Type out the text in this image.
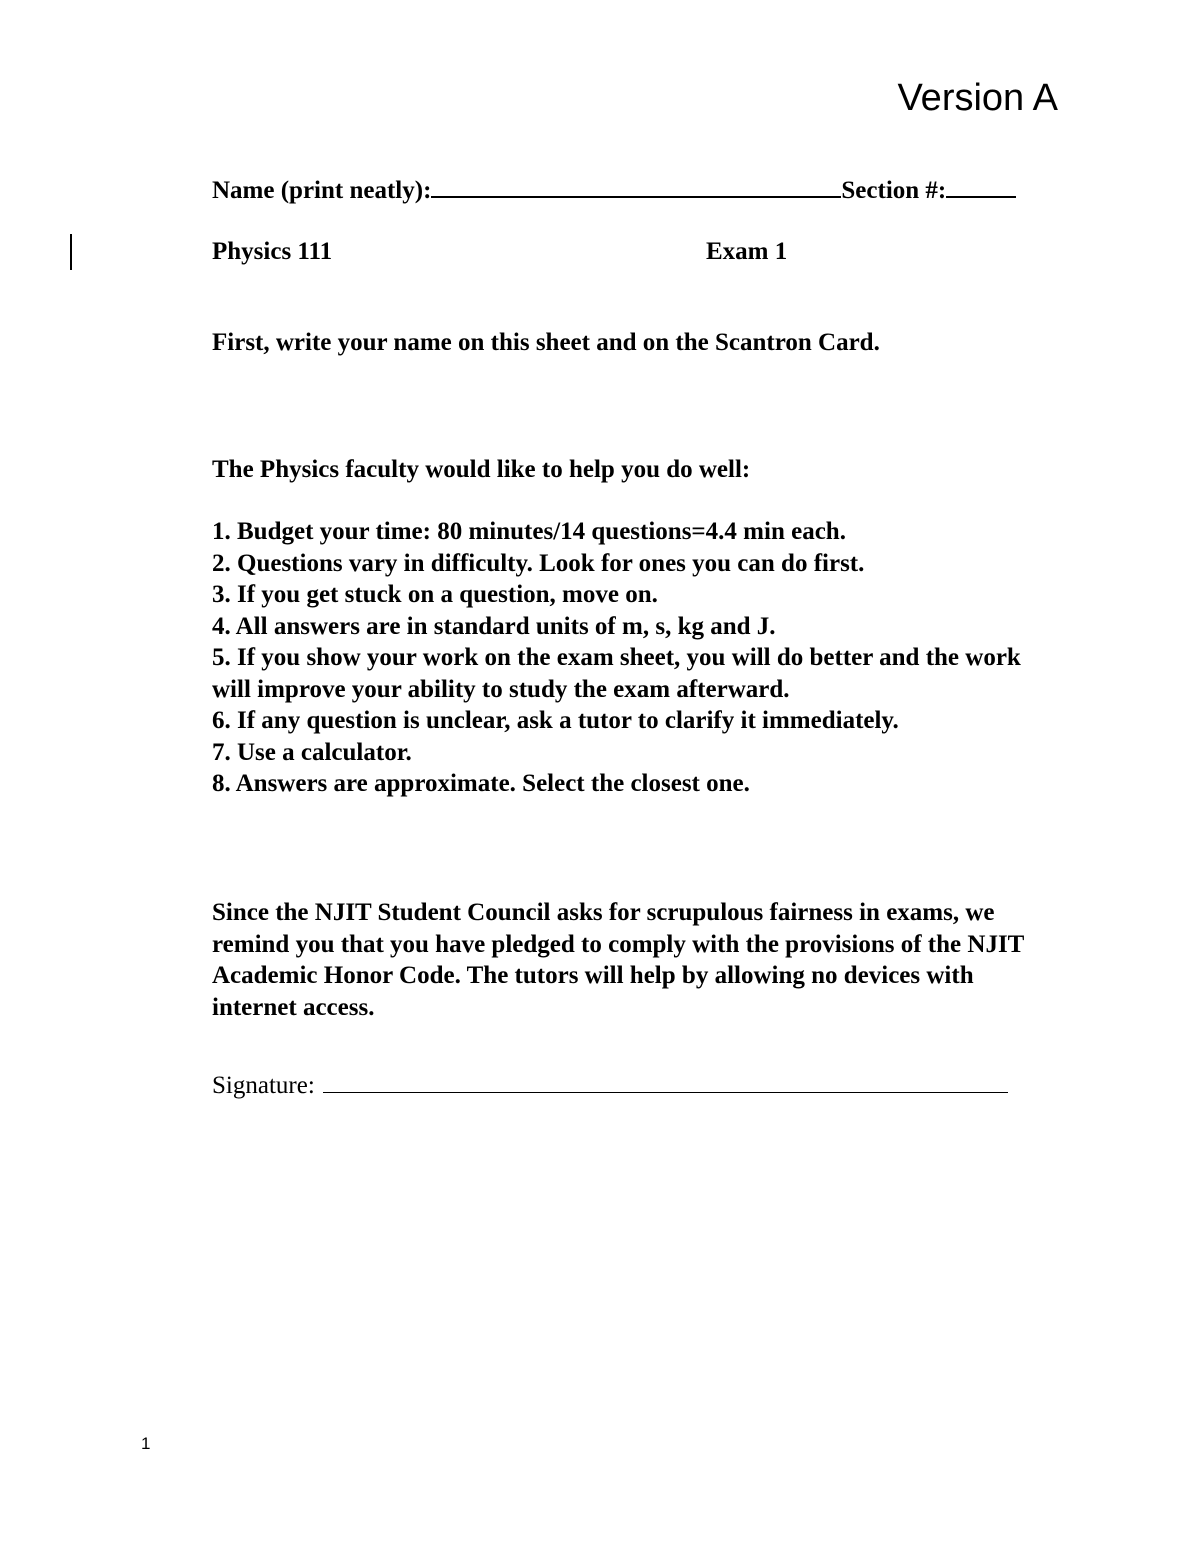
Version A
Name (print neatly):	Section #:
Physics 111	Exam 1
First, write your name on this sheet and on the Scantron Card.
The Physics faculty would like to help you do well:
1. Budget your time: 80 minutes/14 questions=4.4 min each.
2. Questions vary in difficulty. Look for ones you can do first.
3. If you get stuck on a question, move on.
4. All answers are in standard units of m, s, kg and J.
5. If you show your work on the exam sheet, you will do better and the work will improve your ability to study the exam afterward.
6. If any question is unclear, ask a tutor to clarify it immediately.
7. Use a calculator.
8. Answers are approximate. Select the closest one.
Since the NJIT Student Council asks for scrupulous fairness in exams, we remind you that you have pledged to comply with the provisions of the NJIT Academic Honor Code. The tutors will help by allowing no devices with internet access.
Signature:
1
